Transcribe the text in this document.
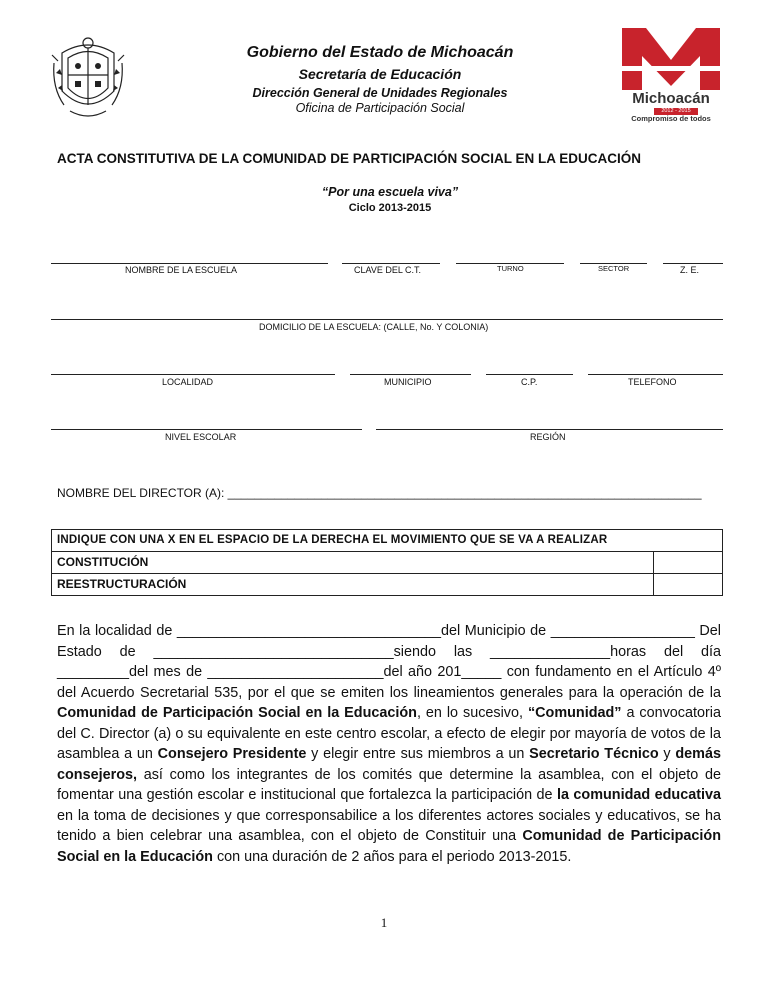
Gobierno del Estado de Michoacán
Secretaría de Educación
Dirección General de Unidades Regionales
Oficina de Participación Social
Michoacán
2012 - 2015
Compromiso de todos
ACTA CONSTITUTIVA DE LA COMUNIDAD DE PARTICIPACIÓN SOCIAL EN LA EDUCACIÓN
“Por una escuela viva”
Ciclo 2013-2015
NOMBRE DE LA ESCUELA	CLAVE DEL C.T.	TURNO	SECTOR	Z. E.
DOMICILIO DE LA ESCUELA: (CALLE, No. Y COLONIA)
LOCALIDAD	MUNICIPIO	C.P.	TELEFONO
NIVEL ESCOLAR	REGIÓN
NOMBRE DEL DIRECTOR (A): _______________________________________________________________________
INDIQUE CON UNA X EN EL ESPACIO DE LA DERECHA EL MOVIMIENTO QUE SE VA A REALIZAR
CONSTITUCIÓN
REESTRUCTURACIÓN
En la localidad de _________________________________del Municipio de __________________ Del Estado de ______________________________siendo las _______________horas del día _________del mes de ______________________del año 201_____ con fundamento en el Artículo 4º del Acuerdo Secretarial 535, por el que se emiten los lineamientos generales para la operación de la Comunidad de Participación Social en la Educación, en lo sucesivo, “Comunidad” a convocatoria del C. Director (a) o su equivalente en este centro escolar, a efecto de elegir por mayoría de votos de la asamblea a un Consejero Presidente y elegir entre sus miembros a un Secretario Técnico y demás consejeros, así como los integrantes de los comités que determine la asamblea, con el objeto de fomentar una gestión escolar e institucional que fortalezca la participación de la comunidad educativa en la toma de decisiones y que corresponsabilice a los diferentes actores sociales y educativos, se ha tenido a bien celebrar una asamblea, con el objeto de Constituir una Comunidad de Participación Social en la Educación con una duración de 2 años para el periodo 2013-2015.
1
